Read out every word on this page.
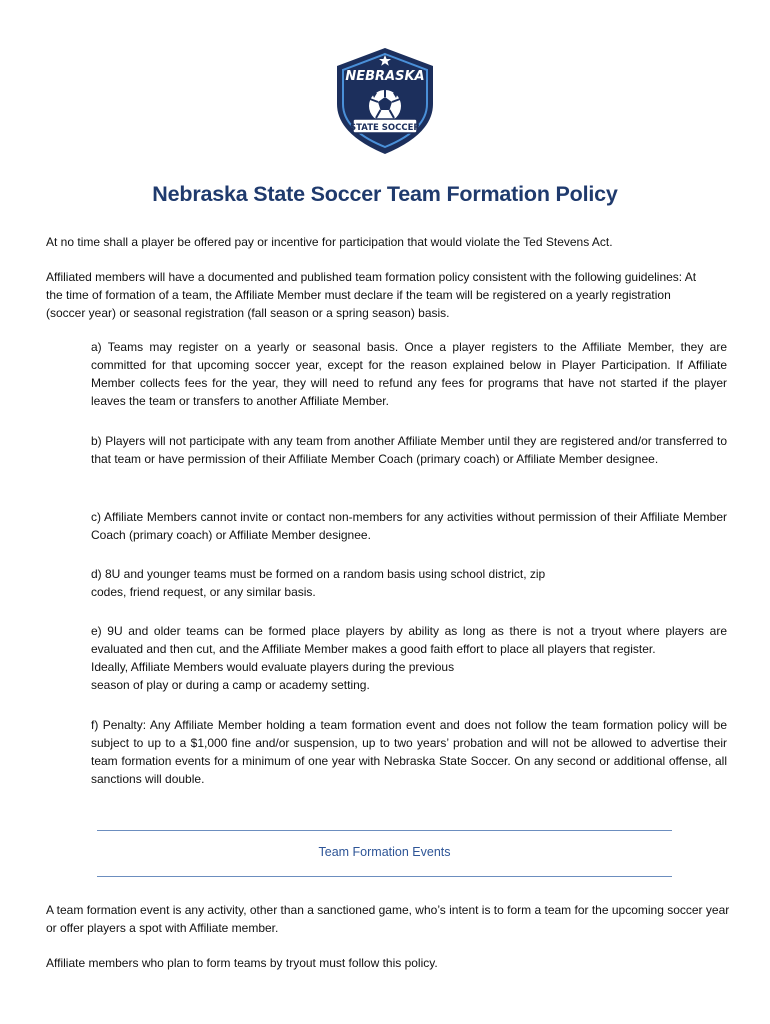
NEBRASKA
STATE SOCCER
Nebraska State Soccer Team Formation Policy

At no time shall a player be offered pay or incentive for participation that would violate the Ted Stevens Act.

Affiliated members will have a documented and published team formation policy consistent with the following guidelines: At the time of formation of a team, the Affiliate Member must declare if the team will be registered on a yearly registration (soccer year) or seasonal registration (fall season or a spring season) basis.

a) Teams may register on a yearly or seasonal basis. Once a player registers to the Affiliate Member, they are committed for that upcoming soccer year, except for the reason explained below in Player Participation. If Affiliate Member collects fees for the year, they will need to refund any fees for programs that have not started if the player leaves the team or transfers to another Affiliate Member.

b) Players will not participate with any team from another Affiliate Member until they are registered and/or transferred to that team or have permission of their Affiliate Member Coach (primary coach) or Affiliate Member designee.

c) Affiliate Members cannot invite or contact non-members for any activities without permission of their Affiliate Member Coach (primary coach) or Affiliate Member designee.

d) 8U and younger teams must be formed on a random basis using school district, zip
codes, friend request, or any similar basis.
e) 9U and older teams can be formed place players by ability as long as there is not a tryout where players are evaluated and then cut, and the Affiliate Member makes a good faith effort to place all players that register.
Ideally, Affiliate Members would evaluate players during the previous
season of play or during a camp or academy setting.

f) Penalty: Any Affiliate Member holding a team formation event and does not follow the team formation policy will be subject to up to a $1,000 fine and/or suspension, up to two years’ probation and will not be allowed to advertise their team formation events for a minimum of one year with Nebraska State Soccer. On any second or additional offense, all sanctions will double.

Team Formation Events

A team formation event is any activity, other than a sanctioned game, who’s intent is to form a team for the upcoming soccer year or offer players a spot with Affiliate member.

Affiliate members who plan to form teams by tryout must follow this policy.
